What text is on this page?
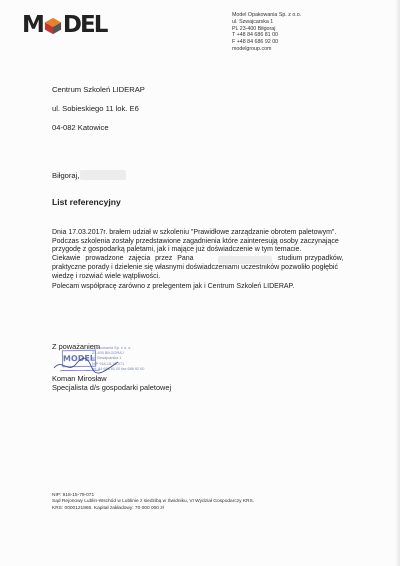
M DEL	Model Opakowania Sp. z o.o.
ul. Szwajcarska 1
PL 23-400 Biłgoraj
T +48 84 686 81 00
F +48 84 686 92 00
modelgroup.com
Centrum Szkoleń LIDERAP
ul. Sobieskiego 11 lok. E6
04-082 Katowice
Biłgoraj,
List referencyjny
Dnia 17.03.2017r. brałem udział w szkoleniu "Prawidłowe zarządzanie obrotem paletowym".
Podczas szkolenia zostały przedstawione zagadnienia które zainteresują osoby zaczynające
przygodę z gospodarką paletami, jak i mające już doświadczenie w tym temacie.
Ciekawie prowadzone zajęcia przez Pana	studium przypadków,
praktyczne porady i dzielenie się własnymi doświadczeniami uczestników pozwoliło pogłębić
wiedzę i rozwiać wiele wątpliwości.
Polecam współpracę zarówno z prelegentem jak i Centrum Szkoleń LIDERAP.
Z poważaniem
MODEL
Opakowania Sp. z o. o.
23-400 BIŁGORAJ
ul. Szwajcarska 1
NIP 918-15-79-071
tel. 84 686 81 00 fax 686 92 00
Koman Mirosław
Specjalista d/s gospodarki paletowej
NIP: 918-15-79-071
Sąd Rejonowy Lublin-Wschód w Lublinie z siedzibą w Świdniku, VI Wydział Gospodarczy KRS.
KRS: 0000121866. Kapitał zakładowy: 70 000 000 zł
